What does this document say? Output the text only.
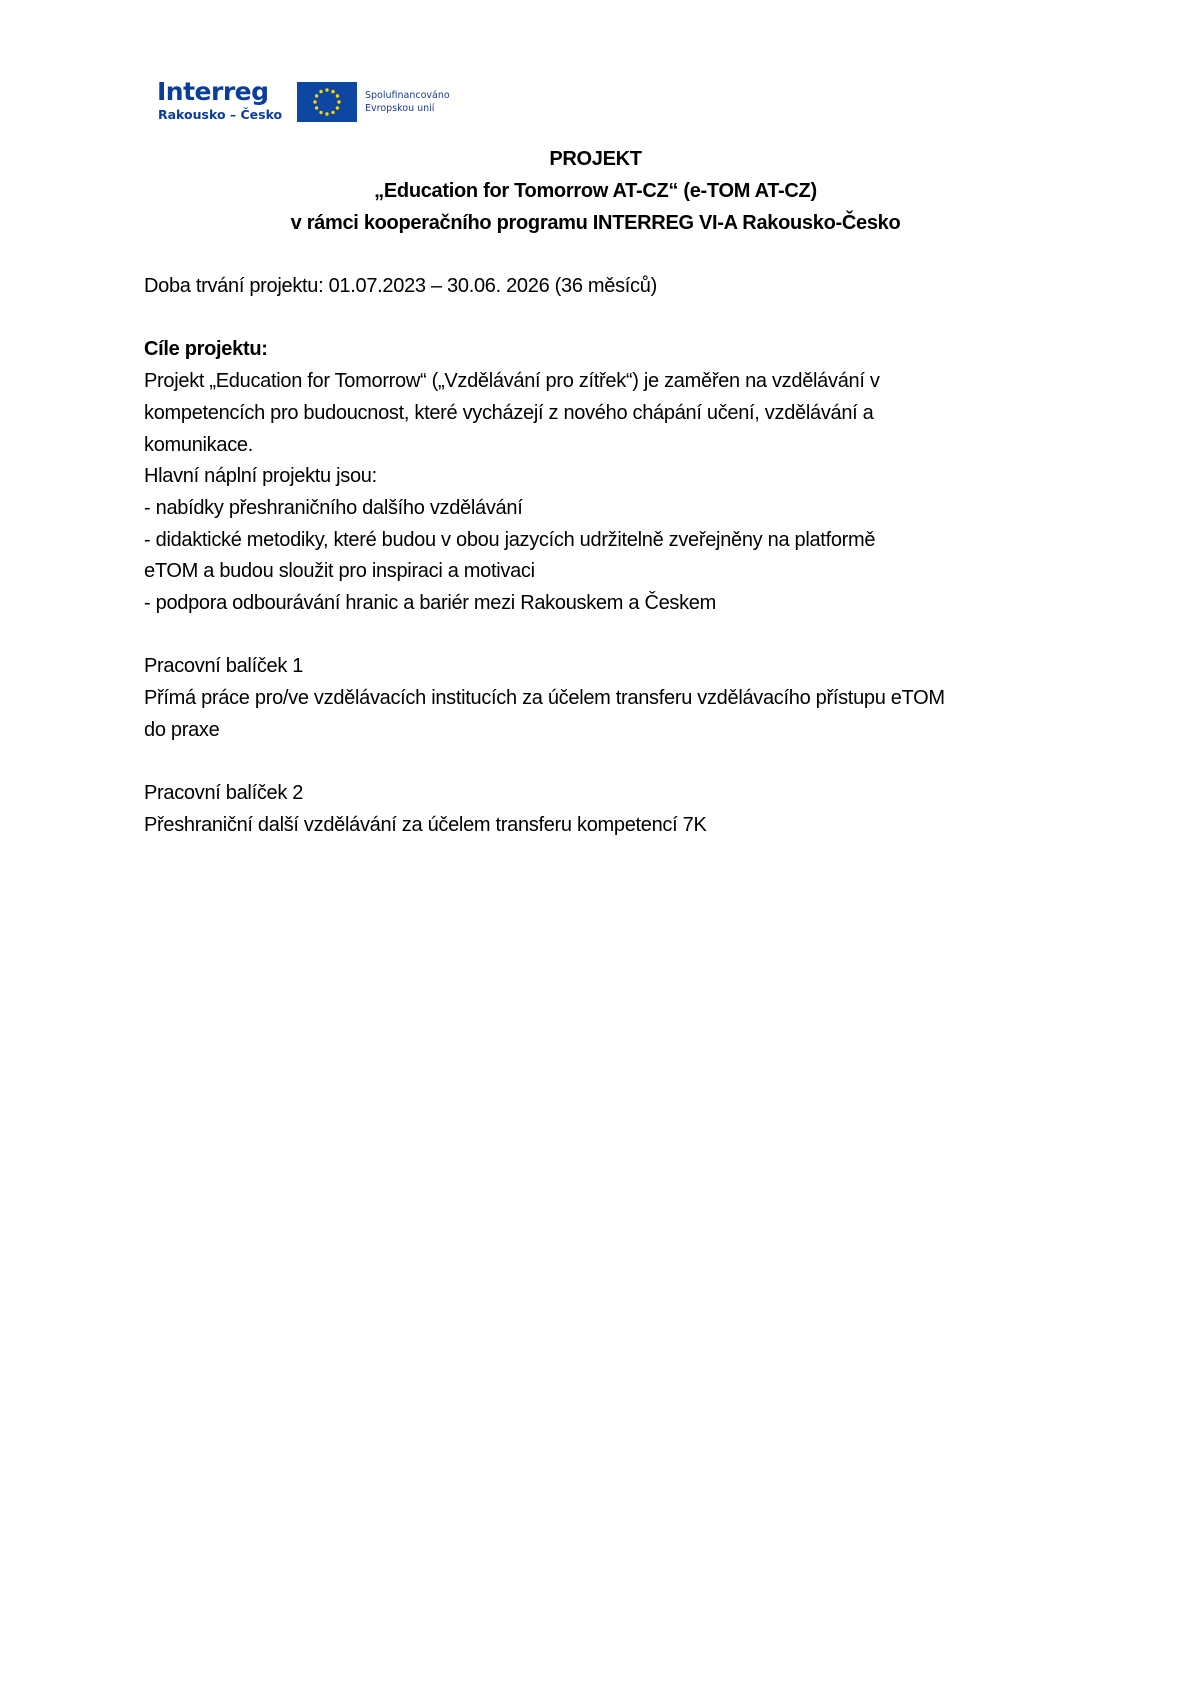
Interreg
Rakousko – Česko
Spolufinancováno
Evropskou unií
PROJEKT
„Education for Tomorrow AT-CZ“ (e-TOM AT-CZ)
v rámci kooperačního programu INTERREG VI-A Rakousko-Česko
Doba trvání projektu: 01.07.2023 – 30.06. 2026 (36 měsíců)
Cíle projektu:
Projekt „Education for Tomorrow“ („Vzdělávání pro zítřek“) je zaměřen na vzdělávání v
kompetencích pro budoucnost, které vycházejí z nového chápání učení, vzdělávání a
komunikace.
Hlavní náplní projektu jsou:
- nabídky přeshraničního dalšího vzdělávání
- didaktické metodiky, které budou v obou jazycích udržitelně zveřejněny na platformě
eTOM a budou sloužit pro inspiraci a motivaci
- podpora odbourávání hranic a bariér mezi Rakouskem a Českem
Pracovní balíček 1
Přímá práce pro/ve vzdělávacích institucích za účelem transferu vzdělávacího přístupu eTOM
do praxe
Pracovní balíček 2
Přeshraniční další vzdělávání za účelem transferu kompetencí 7K
